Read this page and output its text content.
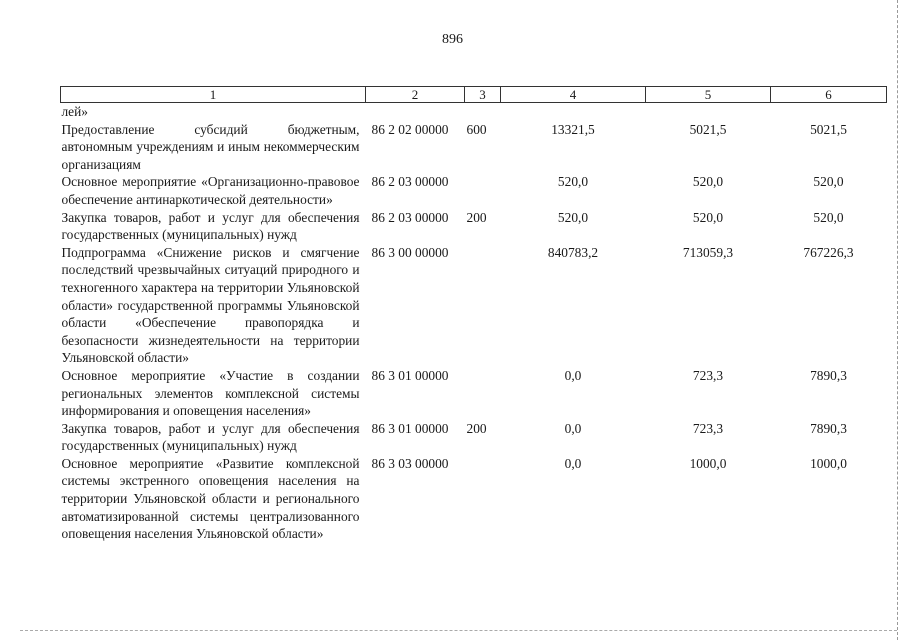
896
1	2	3	4	5	6
лей»					
Предоставление субсидий бюджетным, автономным учреждениям и иным некоммерческим организациям	86 2 02 00000	600	13321,5	5021,5	5021,5
Основное мероприятие «Организационно-правовое обеспечение антинаркотической деятельности»	86 2 03 00000		520,0	520,0	520,0
Закупка товаров, работ и услуг для обеспечения государственных (муниципальных) нужд	86 2 03 00000	200	520,0	520,0	520,0
Подпрограмма «Снижение рисков и смягчение последствий чрезвычайных ситуаций природного и техногенного характера на территории Ульяновской области» государственной программы Ульяновской области «Обеспечение правопорядка и безопасности жизнедеятельности на территории Ульяновской области»	86 3 00 00000		840783,2	713059,3	767226,3
Основное мероприятие «Участие в создании региональных элементов комплексной системы информирования и оповещения населения»	86 3 01 00000		0,0	723,3	7890,3
Закупка товаров, работ и услуг для обеспечения государственных (муниципальных) нужд	86 3 01 00000	200	0,0	723,3	7890,3
Основное мероприятие «Развитие комплексной системы экстренного оповещения населения на территории Ульяновской области и регионального автоматизированной системы централизованного оповещения населения Ульяновской области»	86 3 03 00000		0,0	1000,0	1000,0
